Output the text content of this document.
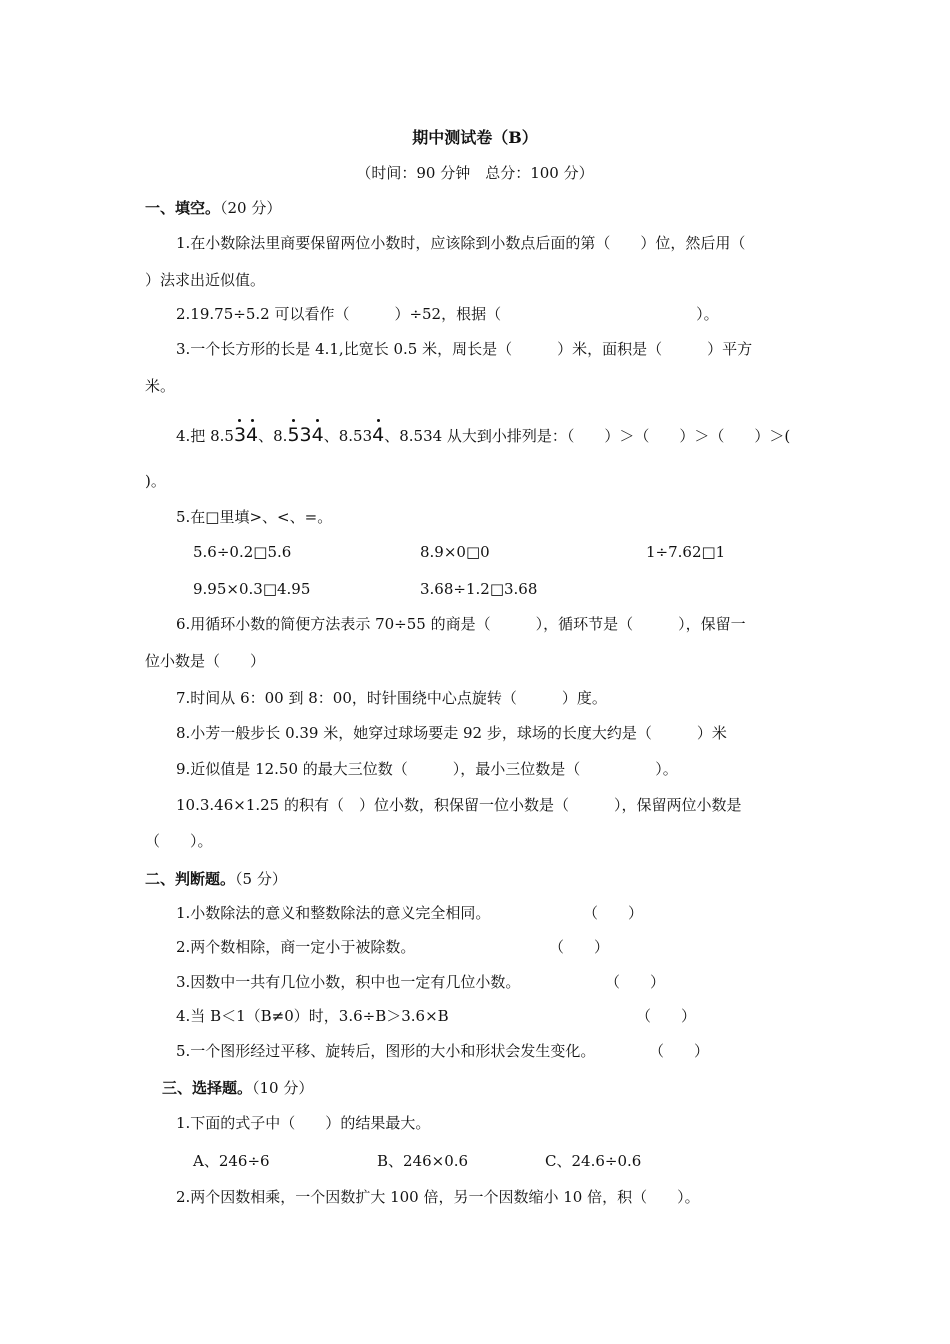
期中测试卷（B）
（时间：90 分钟　总分：100 分）
一、填空。（20 分）
1.在小数除法里商要保留两位小数时，应该除到小数点后面的第（　　）位，然后用（
）法求出近似值。
2.19.75÷5.2 可以看作（　　　）÷52，根据（　　　　　　　　　　　　　）。
3.一个长方形的长是 4.1,比宽长 0.5 米，周长是（　　　）米，面积是（　　　）平方
米。
4.把 8.53
4
、8.5
34
、8.534
、8.534 从大到小排列是：（　　）＞（　　）＞（　　）＞(
)。
5.在□里填>、<、=。
5.6÷0.2□5.6	8.9×0□0	1÷7.62□1
9.95×0.3□4.95	3.68÷1.2□3.68
6.用循环小数的简便方法表示 70÷55 的商是（　　　），循环节是（　　　），保留一
位小数是（　　）
7.时间从 6：00 到 8：00，时针围绕中心点旋转（　　　）度。
8.小芳一般步长 0.39 米，她穿过球场要走 92 步，球场的长度大约是（　　　）米
9.近似值是 12.50 的最大三位数（　　　），最小三位数是（　　　　　）。
10.3.46×1.25 的积有（　）位小数，积保留一位小数是（　　　），保留两位小数是
（　　）。
二、判断题。（5 分）
1.小数除法的意义和整数除法的意义完全相同。	（　　）
2.两个数相除，商一定小于被除数。	（　　）
3.因数中一共有几位小数，积中也一定有几位小数。	（　　）
4.当 B＜1（B≠0）时，3.6÷B＞3.6×B	（　　）
5.一个图形经过平移、旋转后，图形的大小和形状会发生变化。	（　　）
三、选择题。（10 分）
1.下面的式子中（　　）的结果最大。
A、246÷6	B、246×0.6	C、24.6÷0.6
2.两个因数相乘，一个因数扩大 100 倍，另一个因数缩小 10 倍，积（　　）。
